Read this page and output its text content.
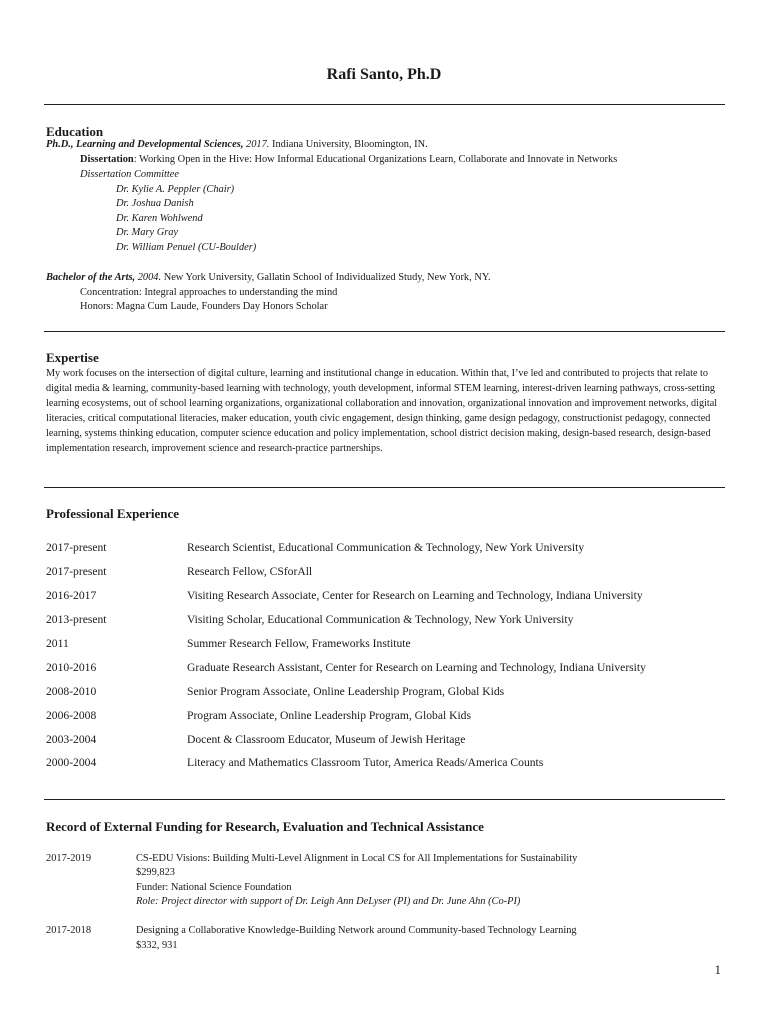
Rafi Santo, Ph.D
Education
Ph.D., Learning and Developmental Sciences, 2017. Indiana University, Bloomington, IN.
Dissertation: Working Open in the Hive: How Informal Educational Organizations Learn, Collaborate and Innovate in Networks
Dissertation Committee
Dr. Kylie A. Peppler (Chair)
Dr. Joshua Danish
Dr. Karen Wohlwend
Dr. Mary Gray
Dr. William Penuel (CU-Boulder)
Bachelor of the Arts, 2004. New York University, Gallatin School of Individualized Study, New York, NY.
Concentration: Integral approaches to understanding the mind
Honors: Magna Cum Laude, Founders Day Honors Scholar
Expertise
My work focuses on the intersection of digital culture, learning and institutional change in education. Within that, I’ve led and contributed to projects that relate to digital media & learning, community-based learning with technology, youth development, informal STEM learning, interest-driven learning pathways, cross-setting learning ecosystems, out of school learning organizations, organizational collaboration and innovation, organizational innovation and improvement networks, digital literacies, critical computational literacies, maker education, youth civic engagement, design thinking, game design pedagogy, constructionist pedagogy, connected learning, systems thinking education, computer science education and policy implementation, school district decision making, design-based research, design-based implementation research, improvement science and research-practice partnerships.
Professional Experience
2017-present	Research Scientist, Educational Communication & Technology, New York University
2017-present	Research Fellow, CSforAll
2016-2017	Visiting Research Associate, Center for Research on Learning and Technology, Indiana University
2013-present	Visiting Scholar, Educational Communication & Technology, New York University
2011	Summer Research Fellow, Frameworks Institute
2010-2016	Graduate Research Assistant, Center for Research on Learning and Technology, Indiana University
2008-2010	Senior Program Associate, Online Leadership Program, Global Kids
2006-2008	Program Associate, Online Leadership Program, Global Kids
2003-2004	Docent & Classroom Educator, Museum of Jewish Heritage
2000-2004	Literacy and Mathematics Classroom Tutor, America Reads/America Counts
Record of External Funding for Research, Evaluation and Technical Assistance
2017-2019	CS-EDU Visions: Building Multi-Level Alignment in Local CS for All Implementations for Sustainability
$299,823
Funder: National Science Foundation
Role: Project director with support of Dr. Leigh Ann DeLyser (PI) and Dr. June Ahn (Co-PI)
2017-2018	Designing a Collaborative Knowledge-Building Network around Community-based Technology Learning
$332, 931
1
